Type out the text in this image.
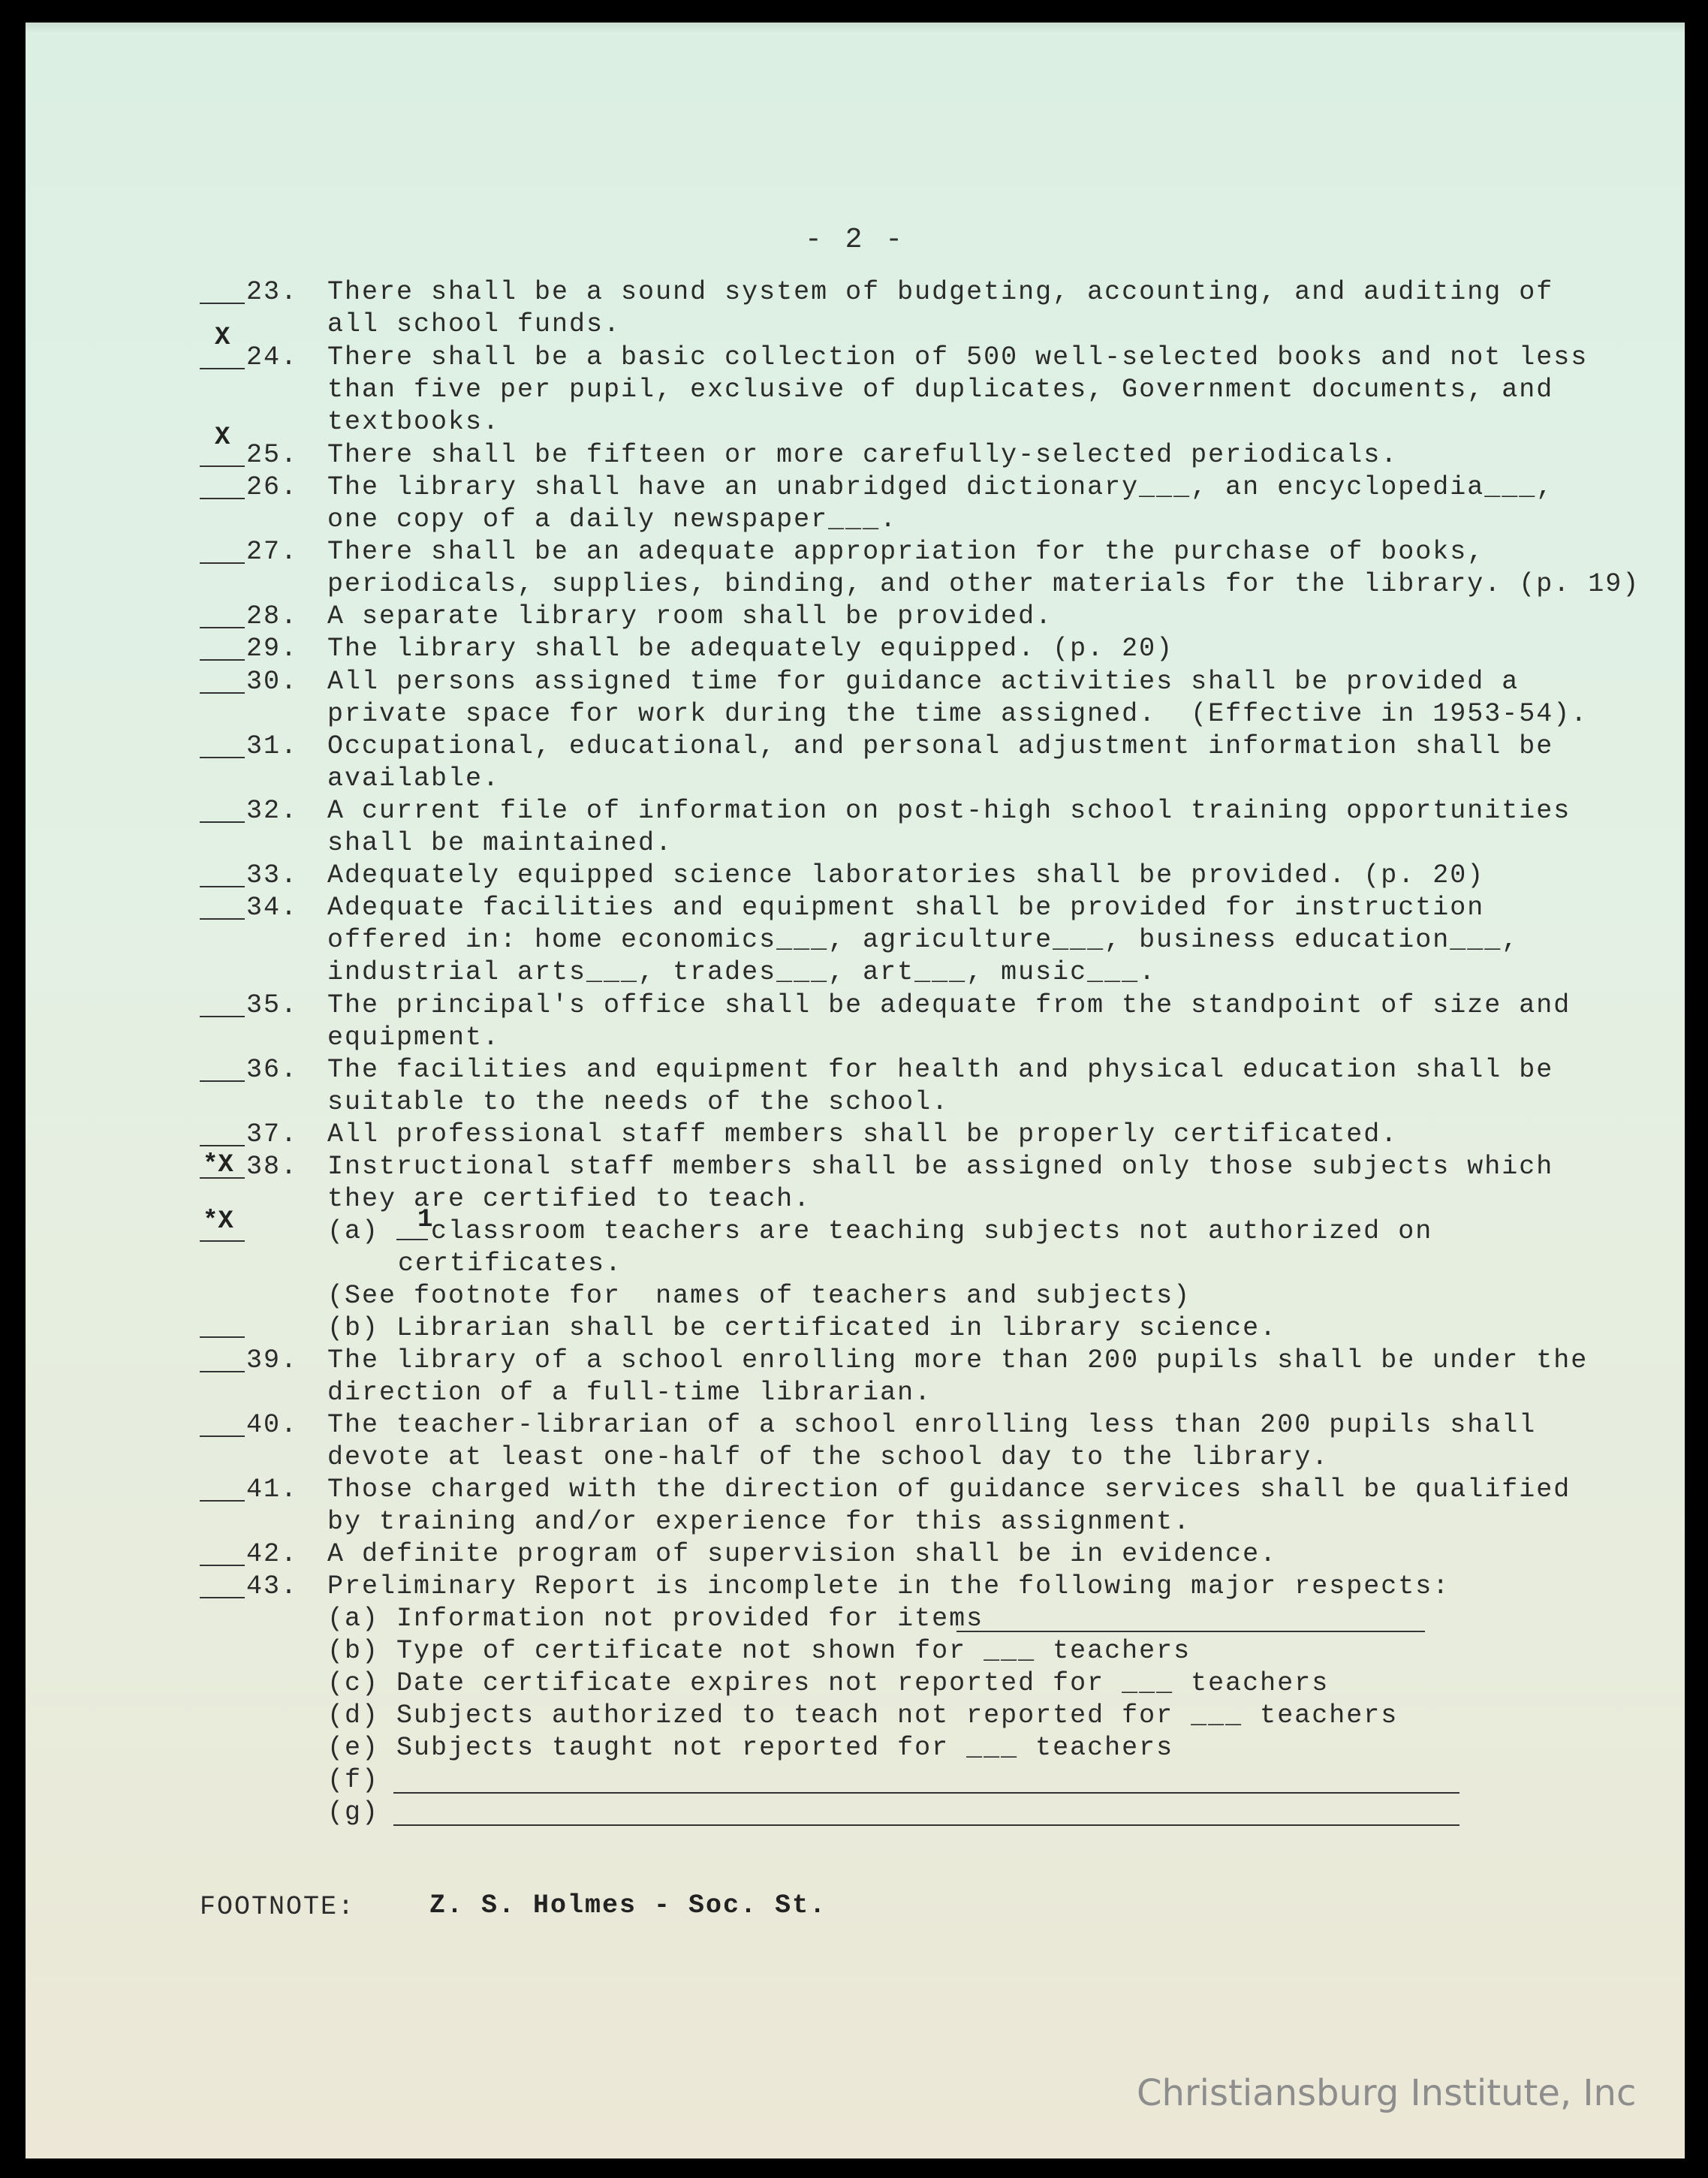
- 2 -
23. There shall be a sound system of budgeting, accounting, and auditing of
all school funds.
X
24. There shall be a basic collection of 500 well-selected books and not less
than five per pupil, exclusive of duplicates, Government documents, and
textbooks.
X
25. There shall be fifteen or more carefully-selected periodicals.
26. The library shall have an unabridged dictionary___, an encyclopedia___,
one copy of a daily newspaper___.
27. There shall be an adequate appropriation for the purchase of books,
periodicals, supplies, binding, and other materials for the library. (p. 19)
28. A separate library room shall be provided.
29. The library shall be adequately equipped. (p. 20)
30. All persons assigned time for guidance activities shall be provided a
private space for work during the time assigned.  (Effective in 1953-54).
31. Occupational, educational, and personal adjustment information shall be
available.
32. A current file of information on post-high school training opportunities
shall be maintained.
33. Adequately equipped science laboratories shall be provided. (p. 20)
34. Adequate facilities and equipment shall be provided for instruction
offered in: home economics___, agriculture___, business education___,
industrial arts___, trades___, art___, music___.
35. The principal's office shall be adequate from the standpoint of size and
equipment.
36. The facilities and equipment for health and physical education shall be
suitable to the needs of the school.
37. All professional staff members shall be properly certificated.
*X 38. Instructional staff members shall be assigned only those subjects which
they are certified to teach.
*X	(a) 1
classroom teachers are teaching subjects not authorized on
certificates.
(See footnote for  names of teachers and subjects)
(b) Librarian shall be certificated in library science.
39. The library of a school enrolling more than 200 pupils shall be under the
direction of a full-time librarian.
40. The teacher-librarian of a school enrolling less than 200 pupils shall
devote at least one-half of the school day to the library.
41. Those charged with the direction of guidance services shall be qualified
by training and/or experience for this assignment.
42. A definite program of supervision shall be in evidence.
43. Preliminary Report is incomplete in the following major respects:
(a) Information not provided for items
(b) Type of certificate not shown for ___ teachers
(c) Date certificate expires not reported for ___ teachers
(d) Subjects authorized to teach not reported for ___ teachers
(e) Subjects taught not reported for ___ teachers
(f)
(g)
FOOTNOTE:	Z. S. Holmes - Soc. St.
Christiansburg Institute, Inc
